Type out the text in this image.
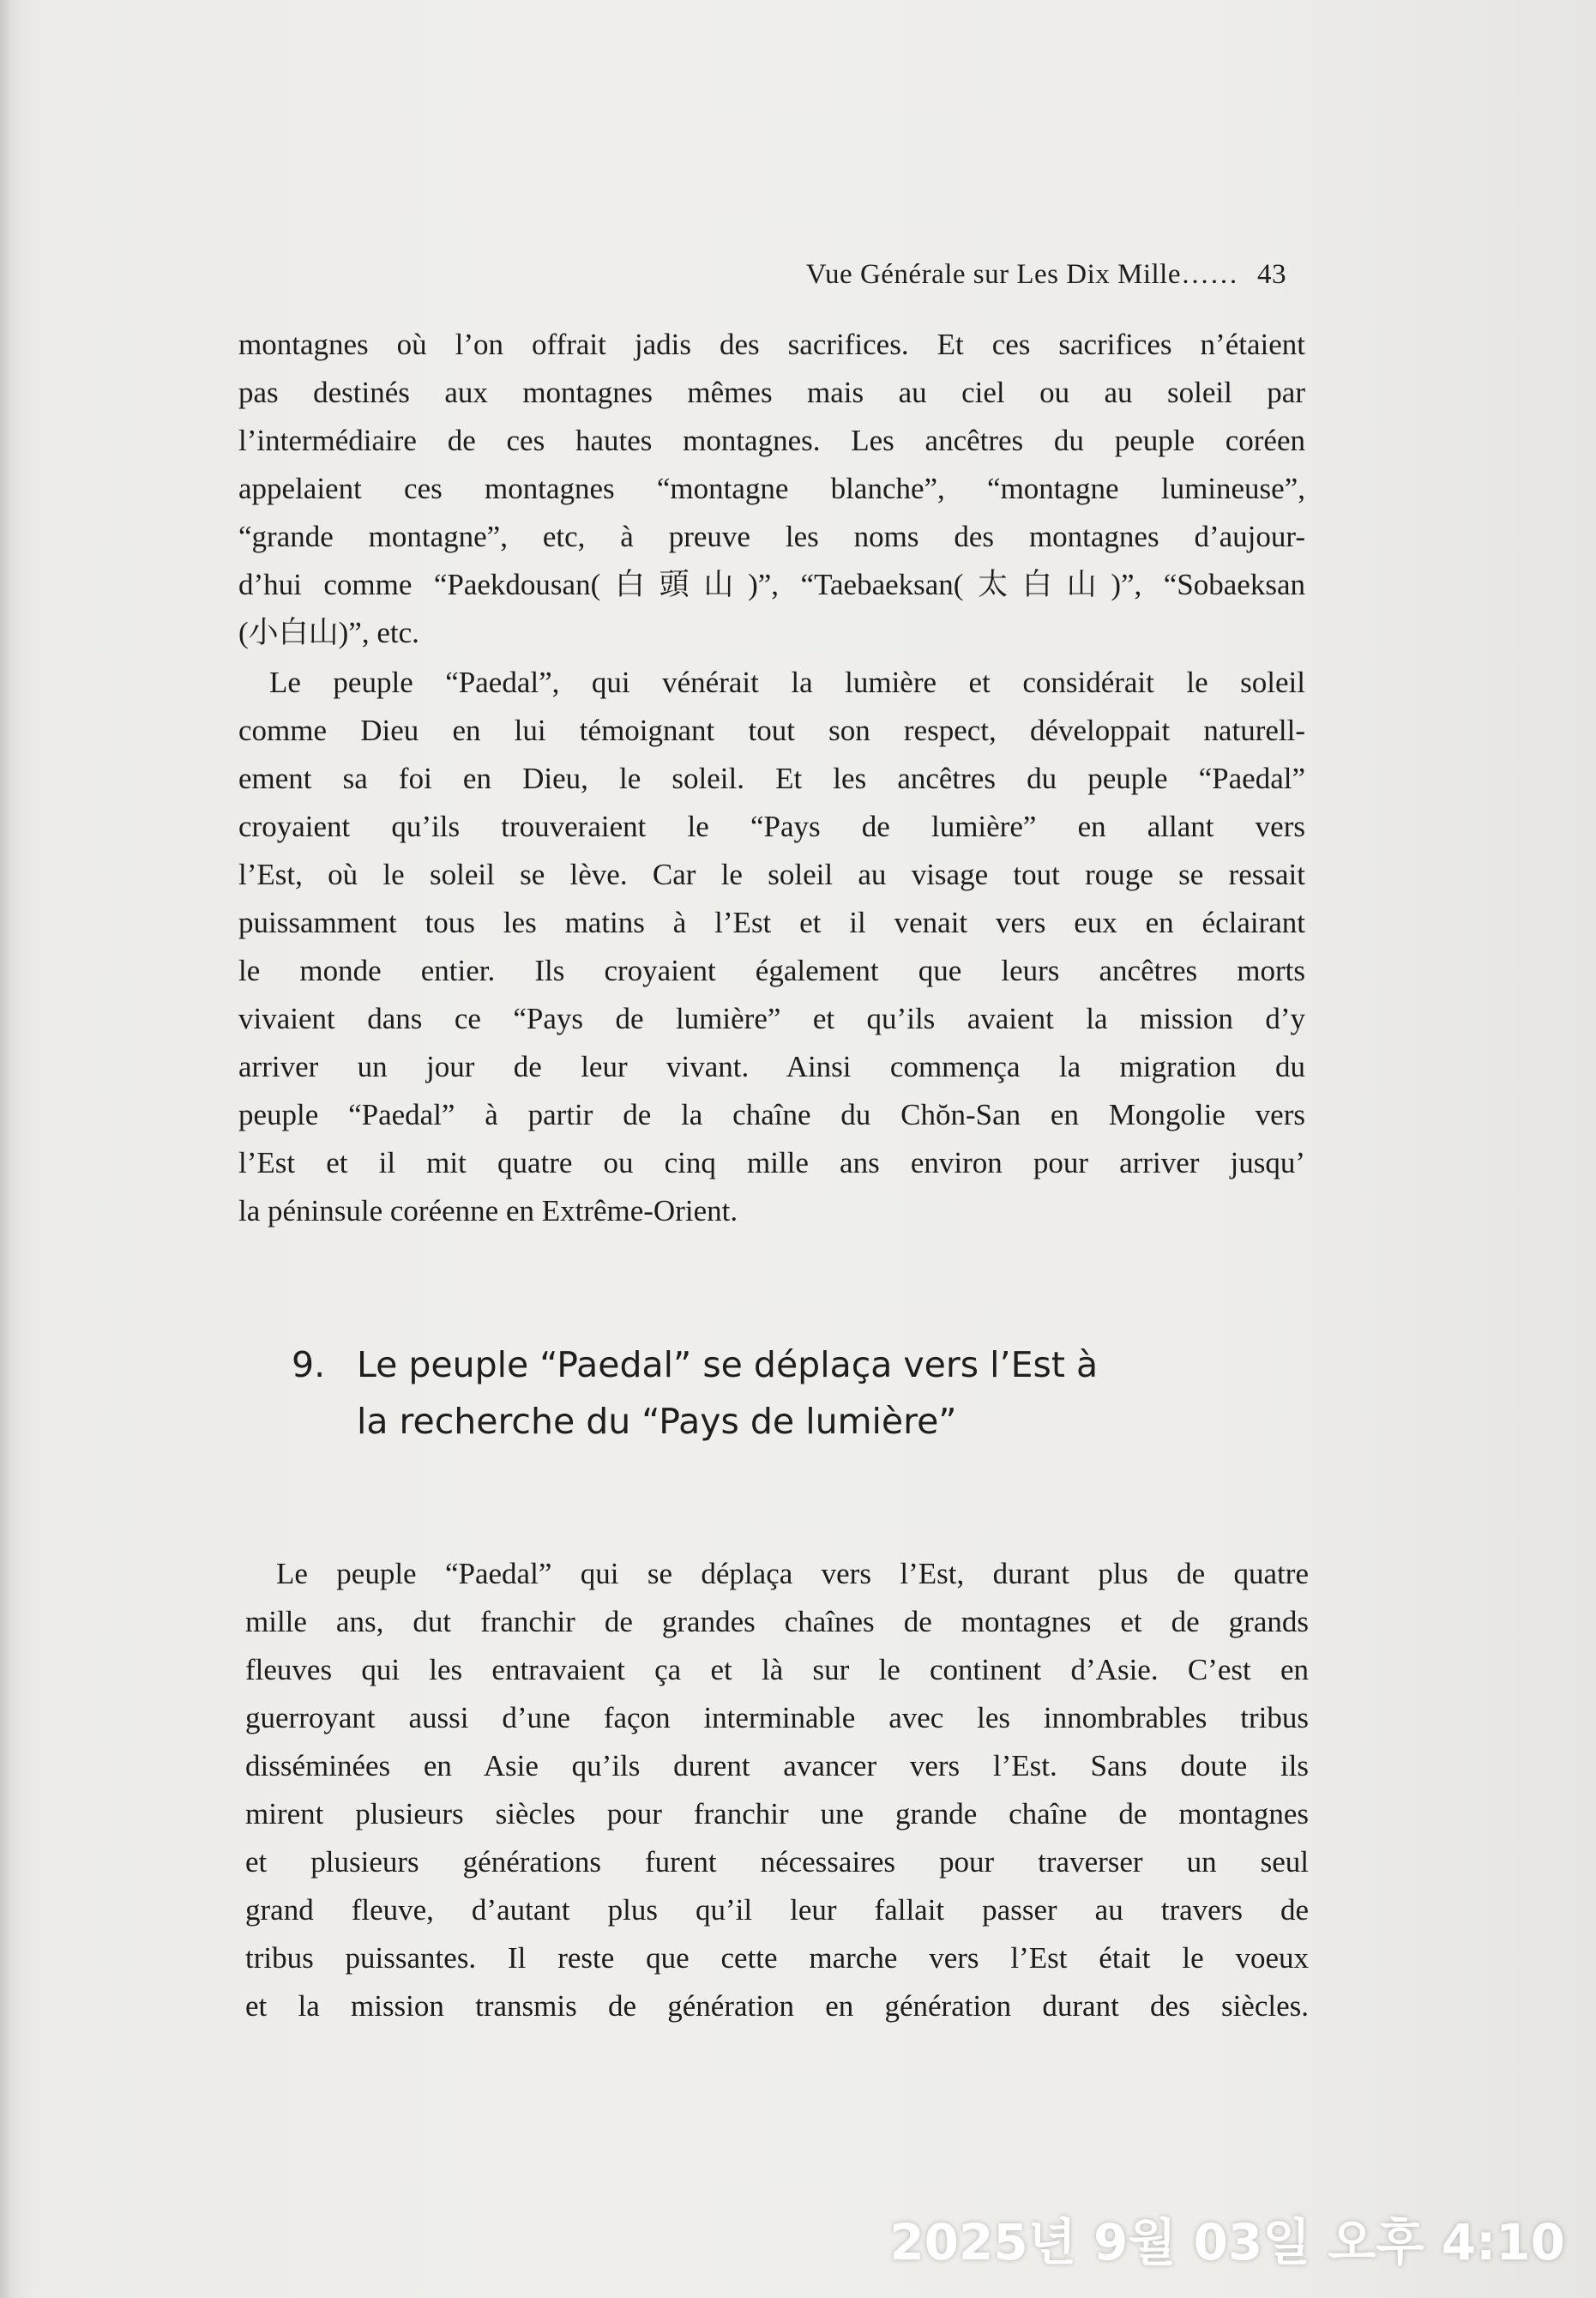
Vue Générale sur Les Dix Mille…… 43

montagnes où l’on offrait jadis des sacrifices. Et ces sacrifices n’étaient
pas destinés aux montagnes mêmes mais au ciel ou au soleil par
l’intermédiaire de ces hautes montagnes. Les ancêtres du peuple coréen
appelaient ces montagnes “montagne blanche”, “montagne lumineuse”,
“grande montagne”, etc, à preuve les noms des montagnes d’aujour-
d’hui comme “Paekdousan(白頭山)”, “Taebaeksan(太白山)”, “Sobaeksan
(小白山)”, etc.

Le peuple “Paedal”, qui vénérait la lumière et considérait le soleil
comme Dieu en lui témoignant tout son respect, développait naturell-
ement sa foi en Dieu, le soleil. Et les ancêtres du peuple “Paedal”
croyaient qu’ils trouveraient le “Pays de lumière” en allant vers
l’Est, où le soleil se lève. Car le soleil au visage tout rouge se ressait
puissamment tous les matins à l’Est et il venait vers eux en éclairant
le monde entier. Ils croyaient également que leurs ancêtres morts
vivaient dans ce “Pays de lumière” et qu’ils avaient la mission d’y
arriver un jour de leur vivant. Ainsi commença la migration du
peuple “Paedal” à partir de la chaîne du Chŏn-San en Mongolie vers
l’Est et il mit quatre ou cinq mille ans environ pour arriver jusqu’
la péninsule coréenne en Extrême-Orient.

9. Le peuple “Paedal” se déplaça vers l’Est à
la recherche du “Pays de lumière”

Le peuple “Paedal” qui se déplaça vers l’Est, durant plus de quatre
mille ans, dut franchir de grandes chaînes de montagnes et de grands
fleuves qui les entravaient ça et là sur le continent d’Asie. C’est en
guerroyant aussi d’une façon interminable avec les innombrables tribus
disséminées en Asie qu’ils durent avancer vers l’Est. Sans doute ils
mirent plusieurs siècles pour franchir une grande chaîne de montagnes
et plusieurs générations furent nécessaires pour traverser un seul
grand fleuve, d’autant plus qu’il leur fallait passer au travers de
tribus puissantes. Il reste que cette marche vers l’Est était le voeux
et la mission transmis de génération en génération durant des siècles.

2025년 9월 03일 오후 4:10
